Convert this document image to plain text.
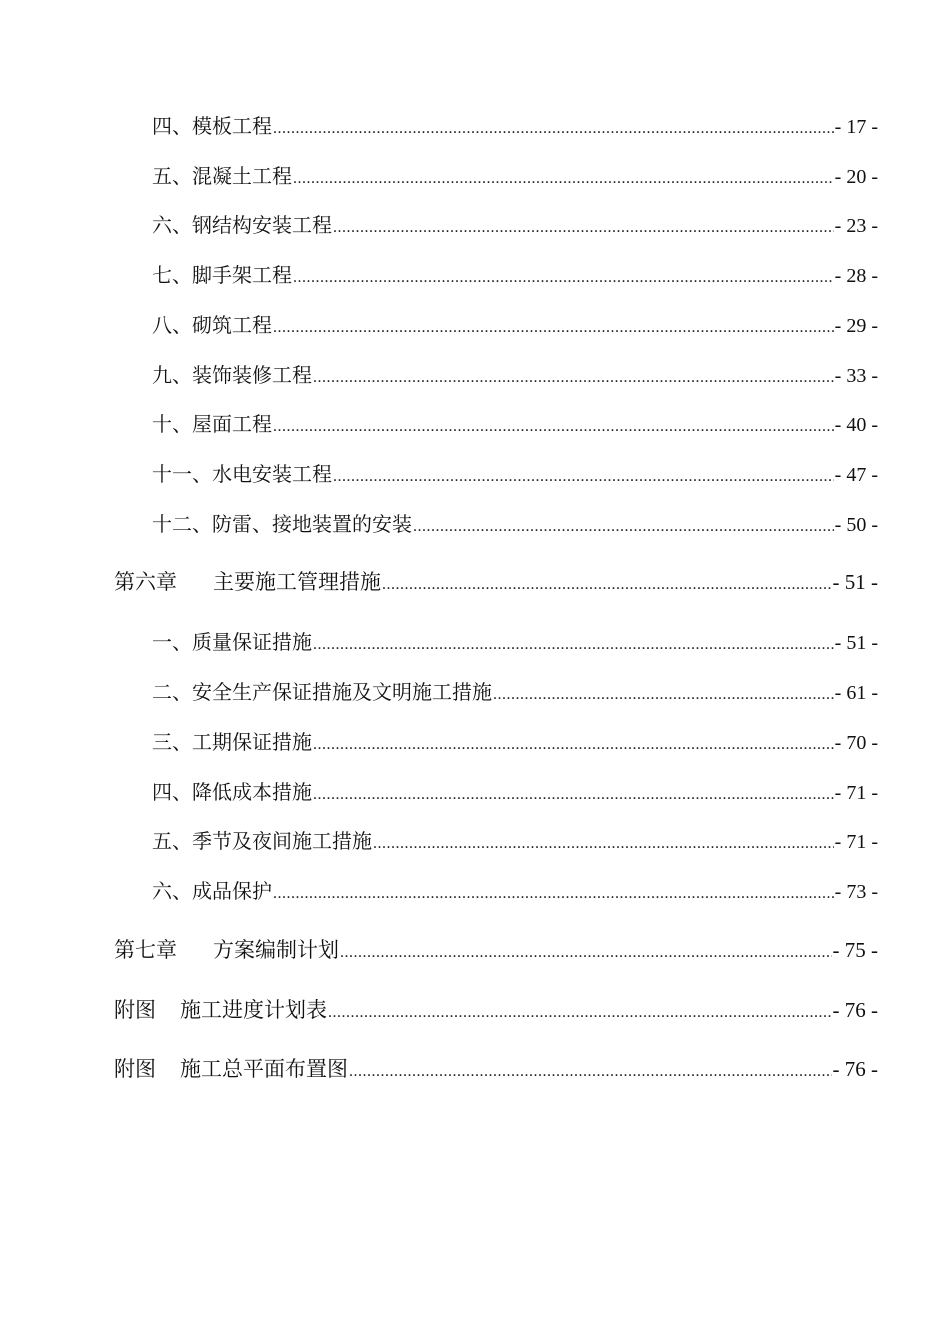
四、模板工程 .....	- 17 -
五、混凝土工程 .....	- 20 -
六、钢结构安装工程 .....	- 23 -
七、脚手架工程 .....	- 28 -
八、砌筑工程 .....	- 29 -
九、装饰装修工程 .....	- 33 -
十、屋面工程 .....	- 40 -
十一、水电安装工程 .....	- 47 -
十二、防雷、接地装置的安装 .....	- 50 -
第六章 主要施工管理措施 .....	- 51 -
一、质量保证措施 .....	- 51 -
二、安全生产保证措施及文明施工措施 .....	- 61 -
三、工期保证措施 .....	- 70 -
四、降低成本措施 .....	- 71 -
五、季节及夜间施工措施 .....	- 71 -
六、成品保护 .....	- 73 -
第七章 方案编制计划 .....	- 75 -
附图 施工进度计划表 .....	- 76 -
附图 施工总平面布置图 .....	- 76 -
